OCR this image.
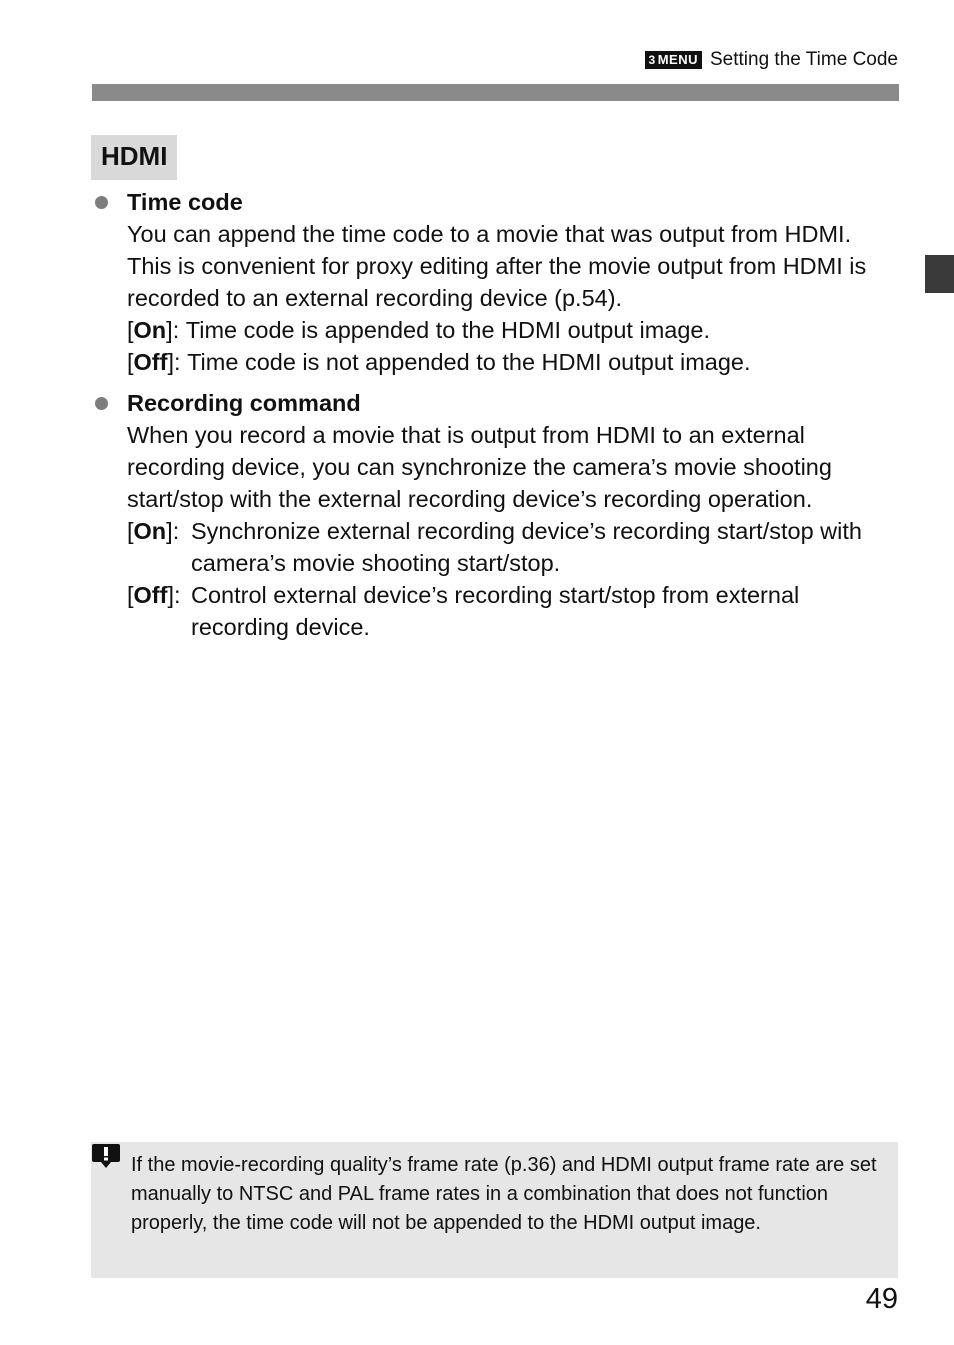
3 MENU Setting the Time Code
HDMI
Time code
You can append the time code to a movie that was output from HDMI. This is convenient for proxy editing after the movie output from HDMI is recorded to an external recording device (p.54).
[On]: Time code is appended to the HDMI output image.
[Off]: Time code is not appended to the HDMI output image.
Recording command
When you record a movie that is output from HDMI to an external recording device, you can synchronize the camera’s movie shooting start/stop with the external recording device’s recording operation.
[On]: Synchronize external recording device’s recording start/stop with camera’s movie shooting start/stop.
[Off]: Control external device’s recording start/stop from external recording device.
If the movie-recording quality’s frame rate (p.36) and HDMI output frame rate are set manually to NTSC and PAL frame rates in a combination that does not function properly, the time code will not be appended to the HDMI output image.
49
